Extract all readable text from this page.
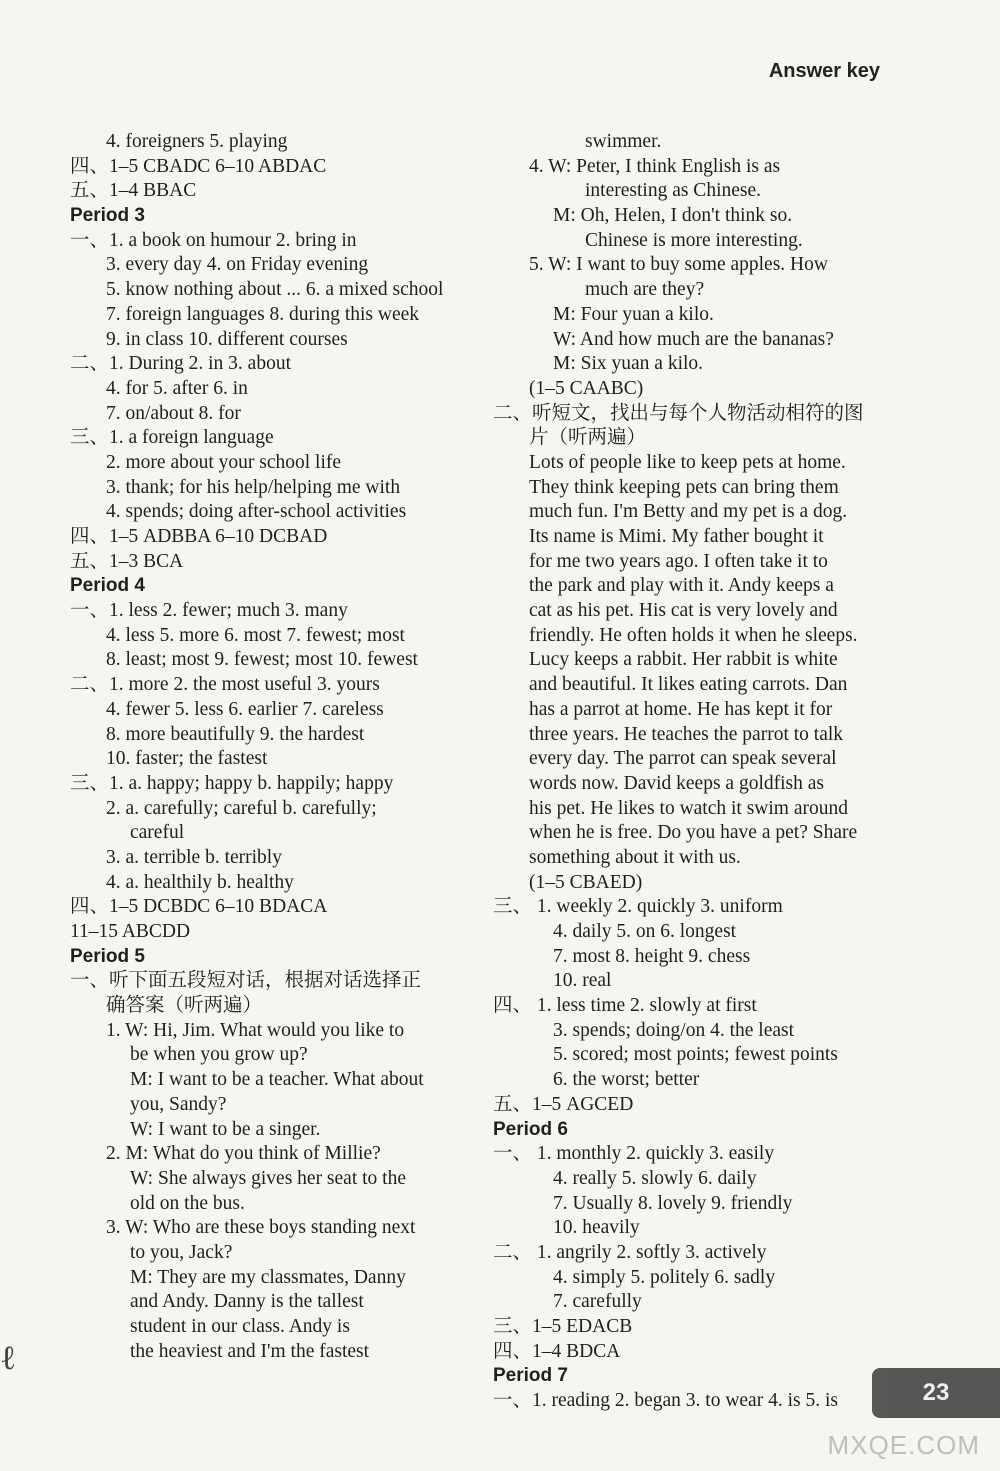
Answer key
4. foreigners 5. playing
四、1–5 CBADC 6–10 ABDAC
五、1–4 BBAC
Period 3
一、1. a book on humour 2. bring in
3. every day 4. on Friday evening
5. know nothing about ... 6. a mixed school
7. foreign languages 8. during this week
9. in class 10. different courses
二、1. During 2. in 3. about
4. for 5. after 6. in
7. on/about 8. for
三、1. a foreign language
2. more about your school life
3. thank; for his help/helping me with
4. spends; doing after-school activities
四、1–5 ADBBA 6–10 DCBAD
五、1–3 BCA
Period 4
一、1. less 2. fewer; much 3. many
4. less 5. more 6. most 7. fewest; most
8. least; most 9. fewest; most 10. fewest
二、1. more 2. the most useful 3. yours
4. fewer 5. less 6. earlier 7. careless
8. more beautifully 9. the hardest
10. faster; the fastest
三、1. a. happy; happy b. happily; happy
2. a. carefully; careful b. carefully;
careful
3. a. terrible b. terribly
4. a. healthily b. healthy
四、1–5 DCBDC 6–10 BDACA
11–15 ABCDD
Period 5
一、听下面五段短对话，根据对话选择正
确答案（听两遍）
1. W: Hi, Jim. What would you like to
be when you grow up?
M: I want to be a teacher. What about
you, Sandy?
W: I want to be a singer.
2. M: What do you think of Millie?
W: She always gives her seat to the
old on the bus.
3. W: Who are these boys standing next
to you, Jack?
M: They are my classmates, Danny
and Andy. Danny is the tallest
student in our class. Andy is
the heaviest and I'm the fastest
swimmer.
4. W: Peter, I think English is as
interesting as Chinese.
M: Oh, Helen, I don't think so.
Chinese is more interesting.
5. W: I want to buy some apples. How
much are they?
M: Four yuan a kilo.
W: And how much are the bananas?
M: Six yuan a kilo.
(1–5 CAABC)
二、听短文，找出与每个人物活动相符的图
片（听两遍）
Lots of people like to keep pets at home.
They think keeping pets can bring them
much fun. I'm Betty and my pet is a dog.
Its name is Mimi. My father bought it
for me two years ago. I often take it to
the park and play with it. Andy keeps a
cat as his pet. His cat is very lovely and
friendly. He often holds it when he sleeps.
Lucy keeps a rabbit. Her rabbit is white
and beautiful. It likes eating carrots. Dan
has a parrot at home. He has kept it for
three years. He teaches the parrot to talk
every day. The parrot can speak several
words now. David keeps a goldfish as
his pet. He likes to watch it swim around
when he is free. Do you have a pet? Share
something about it with us.
(1–5 CBAED)
三、 1. weekly 2. quickly 3. uniform
4. daily 5. on 6. longest
7. most 8. height 9. chess
10. real
四、 1. less time 2. slowly at first
3. spends; doing/on 4. the least
5. scored; most points; fewest points
6. the worst; better
五、1–5 AGCED
Period 6
一、 1. monthly 2. quickly 3. easily
4. really 5. slowly 6. daily
7. Usually 8. lovely 9. friendly
10. heavily
二、 1. angrily 2. softly 3. actively
4. simply 5. politely 6. sadly
7. carefully
三、1–5 EDACB
四、1–4 BDCA
Period 7
一、1. reading 2. began 3. to wear 4. is 5. is
ℓ
23
MXQE.COM
